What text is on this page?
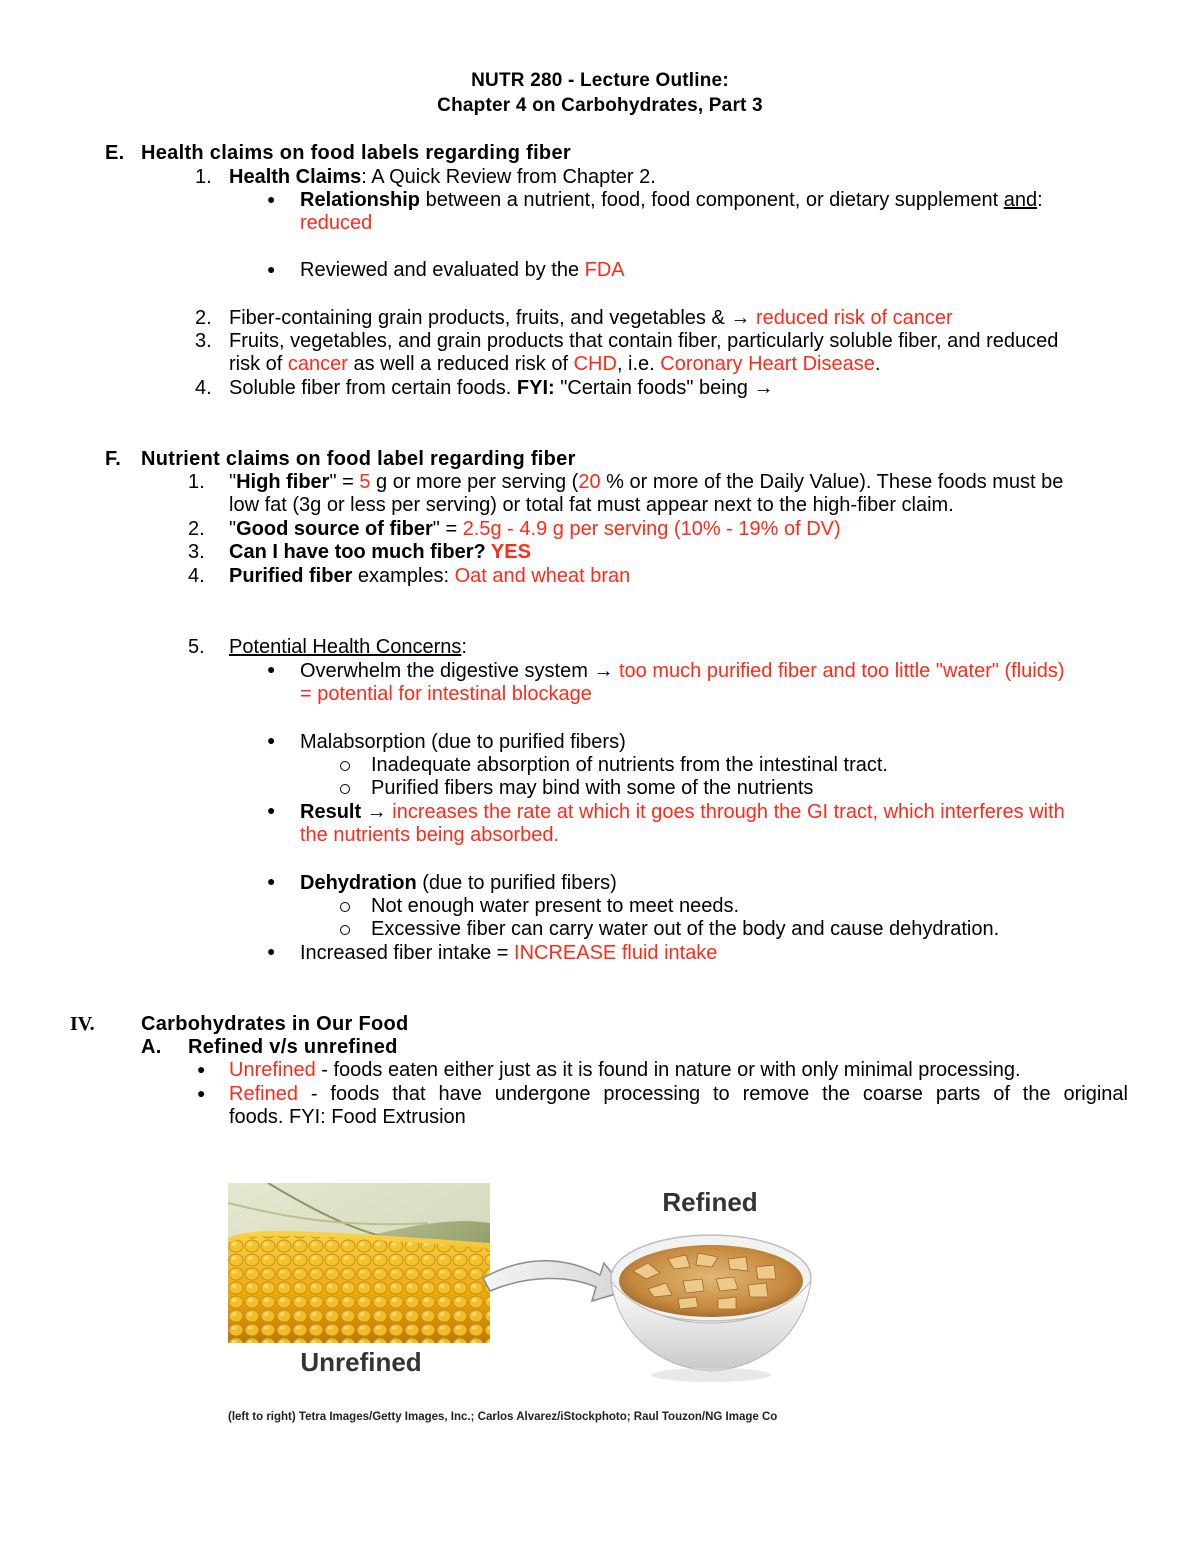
NUTR 280 - Lecture Outline:
Chapter 4 on Carbohydrates, Part 3
E. Health claims on food labels regarding fiber
1. Health Claims: A Quick Review from Chapter 2.
● Relationship between a nutrient, food, food component, or dietary supplement and:
reduced
● Reviewed and evaluated by the FDA
2. Fiber-containing grain products, fruits, and vegetables & → reduced risk of cancer
3. Fruits, vegetables, and grain products that contain fiber, particularly soluble fiber, and reduced
risk of cancer as well a reduced risk of CHD, i.e. Coronary Heart Disease.
4. Soluble fiber from certain foods. FYI: "Certain foods" being →
F. Nutrient claims on food label regarding fiber
1. "High fiber" = 5 g or more per serving (20 % or more of the Daily Value). These foods must be
low fat (3g or less per serving) or total fat must appear next to the high-fiber claim.
2. "Good source of fiber" = 2.5g - 4.9 g per serving (10% - 19% of DV)
3. Can I have too much fiber? YES
4. Purified fiber examples: Oat and wheat bran
5. Potential Health Concerns:
● Overwhelm the digestive system → too much purified fiber and too little "water" (fluids)
= potential for intestinal blockage
● Malabsorption (due to purified fibers)
Inadequate absorption of nutrients from the intestinal tract.
Purified fibers may bind with some of the nutrients
● Result → increases the rate at which it goes through the GI tract, which interferes with
the nutrients being absorbed.
● Dehydration (due to purified fibers)
Not enough water present to meet needs.
Excessive fiber can carry water out of the body and cause dehydration.
● Increased fiber intake = INCREASE fluid intake
IV. Carbohydrates in Our Food
A. Refined v/s unrefined
● Unrefined - foods eaten either just as it is found in nature or with only minimal processing.
● Refined - foods that have undergone processing to remove the coarse parts of the original
foods. FYI: Food Extrusion
Refined
Unrefined
(left to right) Tetra Images/Getty Images, Inc.; Carlos Alvarez/iStockphoto; Raul Touzon/NG Image Co
